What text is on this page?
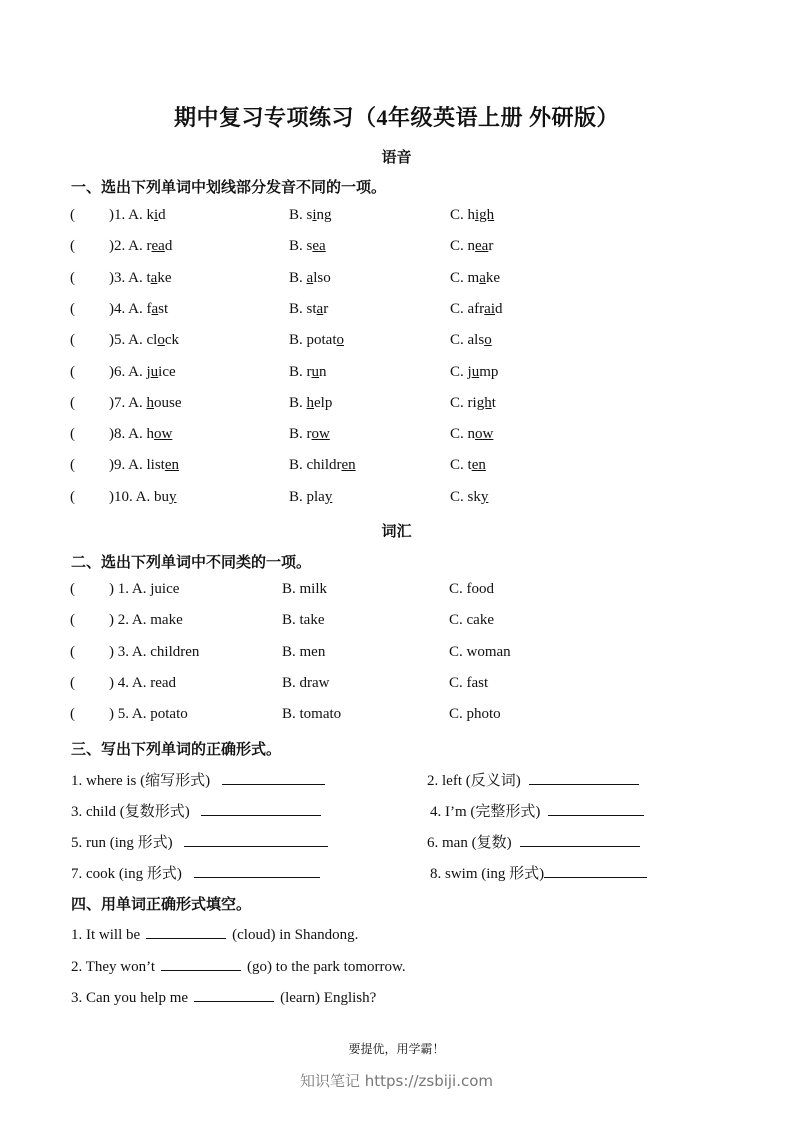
期中复习专项练习（4年级英语上册 外研版）
语音
一、选出下列单词中划线部分发音不同的一项。
( )1. A. kid	B. sing	C. high
( )2. A. read	B. sea	C. near
( )3. A. take	B. also	C. make
( )4. A. fast	B. star	C. afraid
( )5. A. clock	B. potato	C. also
( )6. A. juice	B. run	C. jump
( )7. A. house	B. help	C. right
( )8. A. how	B. row	C. now
( )9. A. listen	B. children	C. ten
( )10. A. buy	B. play	C. sky
词汇
二、选出下列单词中不同类的一项。
( ) 1. A. juice	B. milk	C. food
( ) 2. A. make	B. take	C. cake
( ) 3. A. children	B. men	C. woman
( ) 4. A. read	B. draw	C. fast
( ) 5. A. potato	B. tomato	C. photo
三、写出下列单词的正确形式。
1. where is (缩写形式)	2. left (反义词)
3. child (复数形式)	4. I’m (完整形式)
5. run (ing 形式)	6. man (复数)
7. cook (ing 形式)	8. swim (ing 形式)
四、用单词正确形式填空。
1. It will be	(cloud) in Shandong.
2. They won’t	(go) to the park tomorrow.
3. Can you help me	(learn) English?
要提优，用学霸！
知识笔记 https://zsbiji.com
